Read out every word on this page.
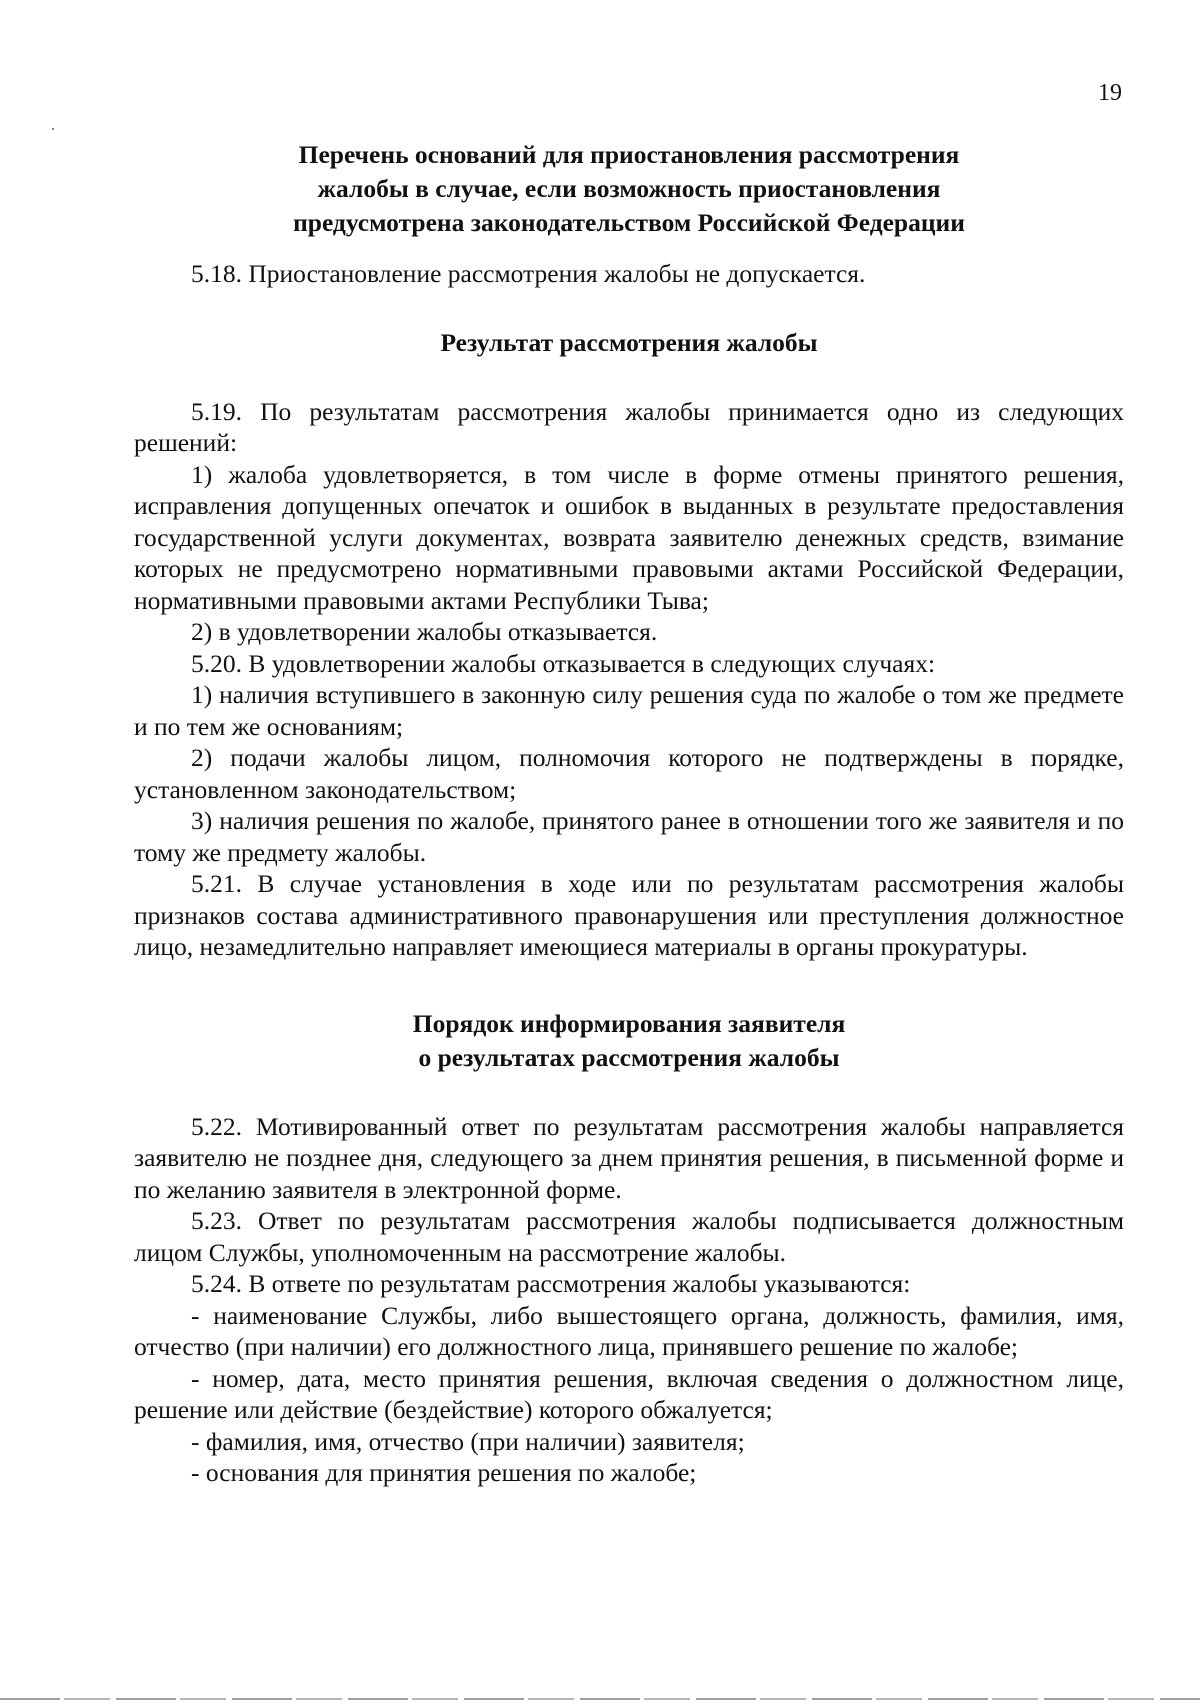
19
Перечень оснований для приостановления рассмотрения
жалобы в случае, если возможность приостановления
предусмотрена законодательством Российской Федерации

5.18. Приостановление рассмотрения жалобы не допускается.

Результат рассмотрения жалобы

5.19. По результатам рассмотрения жалобы принимается одно из следующих решений:

1) жалоба удовлетворяется, в том числе в форме отмены принятого решения, исправления допущенных опечаток и ошибок в выданных в результате предоставления государственной услуги документах, возврата заявителю денежных средств, взимание которых не предусмотрено нормативными правовыми актами Российской Федерации, нормативными правовыми актами Республики Тыва;

2) в удовлетворении жалобы отказывается.

5.20. В удовлетворении жалобы отказывается в следующих случаях:

1) наличия вступившего в законную силу решения суда по жалобе о том же предмете и по тем же основаниям;

2) подачи жалобы лицом, полномочия которого не подтверждены в порядке, установленном законодательством;

3) наличия решения по жалобе, принятого ранее в отношении того же заявителя и по тому же предмету жалобы.

5.21. В случае установления в ходе или по результатам рассмотрения жалобы признаков состава административного правонарушения или преступления должностное лицо, незамедлительно направляет имеющиеся материалы в органы прокуратуры.

Порядок информирования заявителя
о результатах рассмотрения жалобы

5.22. Мотивированный ответ по результатам рассмотрения жалобы направляется заявителю не позднее дня, следующего за днем принятия решения, в письменной форме и по желанию заявителя в электронной форме.

5.23. Ответ по результатам рассмотрения жалобы подписывается должностным лицом Службы, уполномоченным на рассмотрение жалобы.

5.24. В ответе по результатам рассмотрения жалобы указываются:

- наименование Службы, либо вышестоящего органа, должность, фамилия, имя, отчество (при наличии) его должностного лица, принявшего решение по жалобе;

- номер, дата, место принятия решения, включая сведения о должностном лице, решение или действие (бездействие) которого обжалуется;

- фамилия, имя, отчество (при наличии) заявителя;

- основания для принятия решения по жалобе;
